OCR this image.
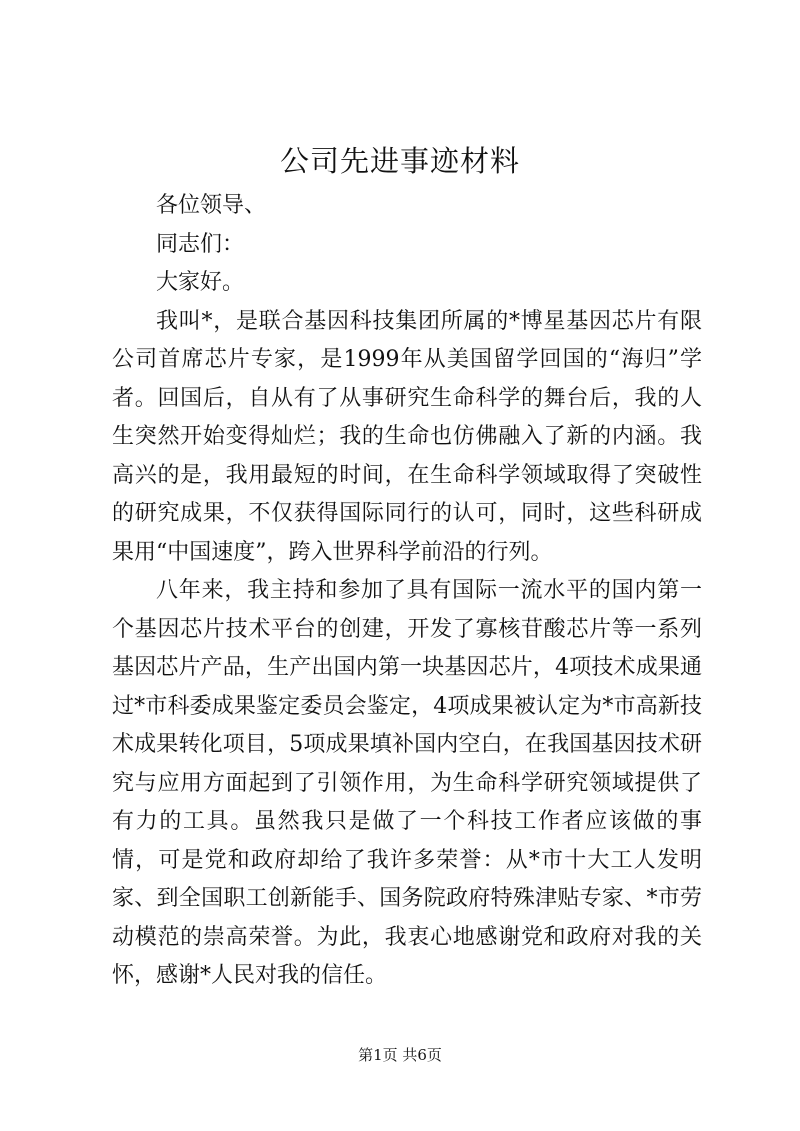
公司先进事迹材料

各位领导、

同志们：

大家好。

我叫*，是联合基因科技集团所属的*博星基因芯片有限公司首席芯片专家，是1999年从美国留学回国的“海归”学者。回国后，自从有了从事研究生命科学的舞台后，我的人生突然开始变得灿烂；我的生命也仿佛融入了新的内涵。我高兴的是，我用最短的时间，在生命科学领域取得了突破性的研究成果，不仅获得国际同行的认可，同时，这些科研成果用“中国速度”，跨入世界科学前沿的行列。

八年来，我主持和参加了具有国际一流水平的国内第一个基因芯片技术平台的创建，开发了寡核苷酸芯片等一系列基因芯片产品，生产出国内第一块基因芯片，4项技术成果通过*市科委成果鉴定委员会鉴定，4项成果被认定为*市高新技术成果转化项目，5项成果填补国内空白，在我国基因技术研究与应用方面起到了引领作用，为生命科学研究领域提供了有力的工具。虽然我只是做了一个科技工作者应该做的事情，可是党和政府却给了我许多荣誉：从*市十大工人发明家、到全国职工创新能手、国务院政府特殊津贴专家、*市劳动模范的崇高荣誉。为此，我衷心地感谢党和政府对我的关怀，感谢*人民对我的信任。

第1页 共6页
